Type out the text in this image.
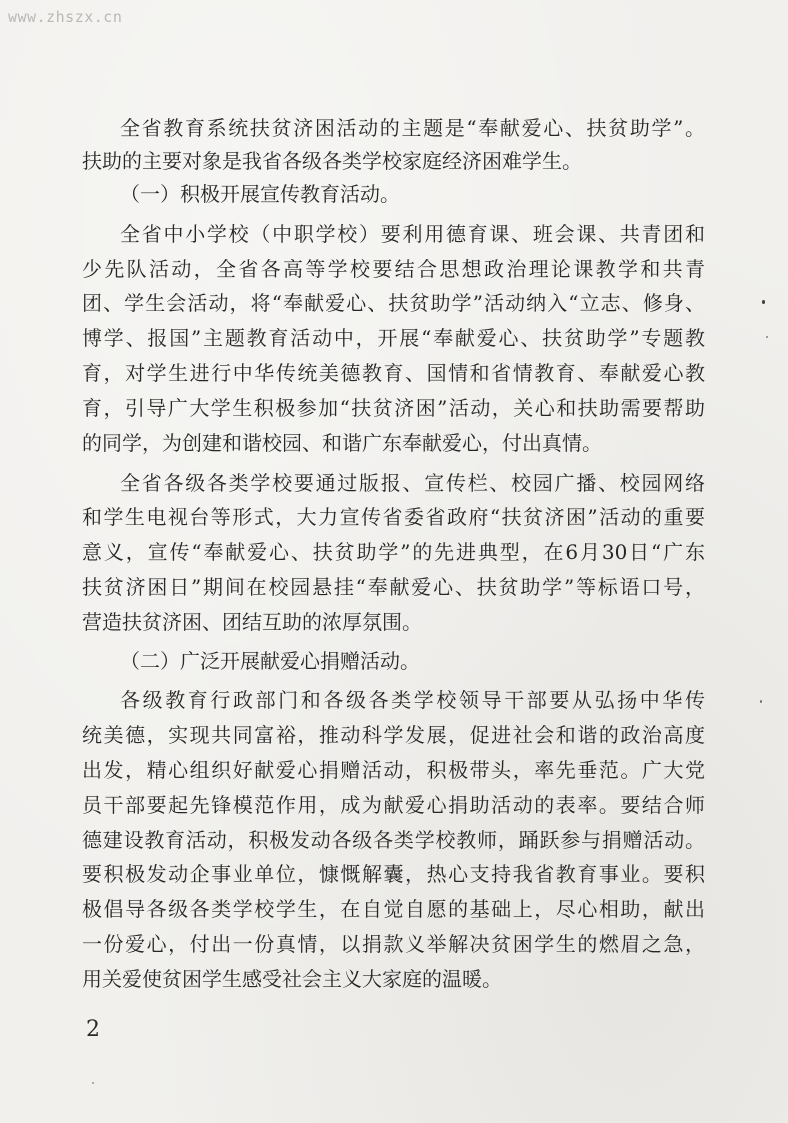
www.zhszx.cn
全省教育系统扶贫济困活动的主题是“奉献爱心、扶贫助学”。
扶助的主要对象是我省各级各类学校家庭经济困难学生。
（一）积极开展宣传教育活动。
全省中小学校（中职学校）要利用德育课、班会课、共青团和
少先队活动，全省各高等学校要结合思想政治理论课教学和共青
团、学生会活动，将“奉献爱心、扶贫助学”活动纳入“立志、修身、
博学、报国”主题教育活动中，开展“奉献爱心、扶贫助学”专题教
育，对学生进行中华传统美德教育、国情和省情教育、奉献爱心教
育，引导广大学生积极参加“扶贫济困”活动，关心和扶助需要帮助
的同学，为创建和谐校园、和谐广东奉献爱心，付出真情。
全省各级各类学校要通过版报、宣传栏、校园广播、校园网络
和学生电视台等形式，大力宣传省委省政府“扶贫济困”活动的重要
意义，宣传“奉献爱心、扶贫助学”的先进典型，在6月30日“广东
扶贫济困日”期间在校园悬挂“奉献爱心、扶贫助学”等标语口号，
营造扶贫济困、团结互助的浓厚氛围。
（二）广泛开展献爱心捐赠活动。
各级教育行政部门和各级各类学校领导干部要从弘扬中华传
统美德，实现共同富裕，推动科学发展，促进社会和谐的政治高度
出发，精心组织好献爱心捐赠活动，积极带头，率先垂范。广大党
员干部要起先锋模范作用，成为献爱心捐助活动的表率。要结合师
德建设教育活动，积极发动各级各类学校教师，踊跃参与捐赠活动。
要积极发动企事业单位，慷慨解囊，热心支持我省教育事业。要积
极倡导各级各类学校学生，在自觉自愿的基础上，尽心相助，献出
一份爱心，付出一份真情，以捐款义举解决贫困学生的燃眉之急，
用关爱使贫困学生感受社会主义大家庭的温暖。
2
